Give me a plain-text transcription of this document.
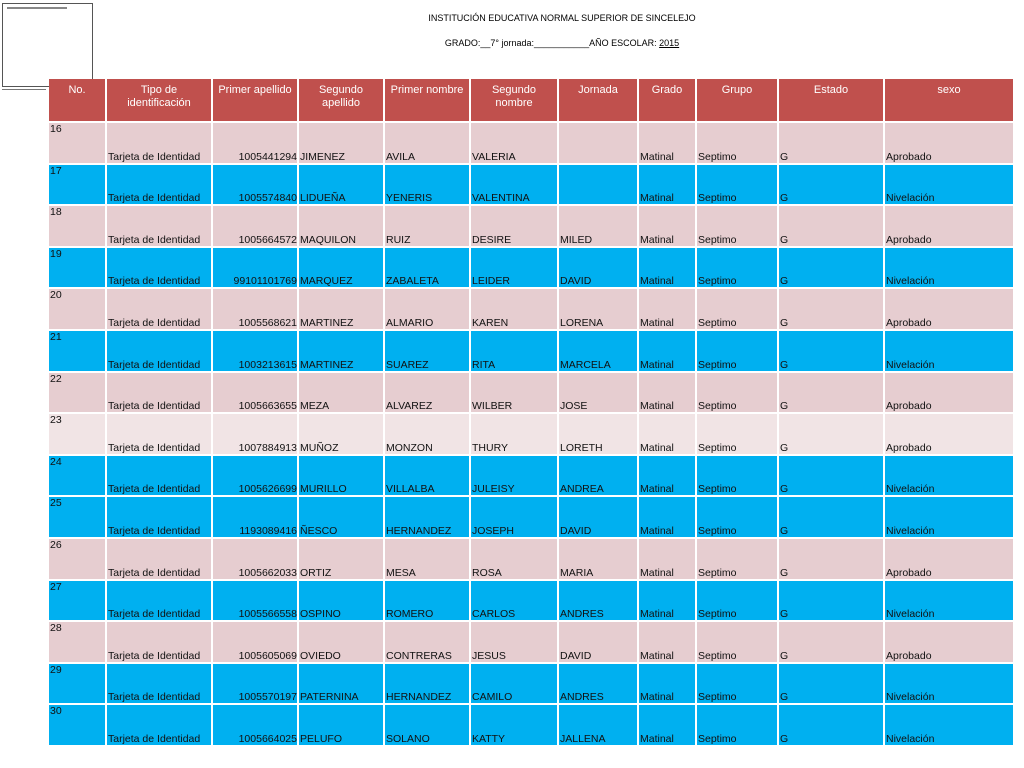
INSTITUCIÓN EDUCATIVA NORMAL SUPERIOR DE SINCELEJO
GRADO:__7° jornada:___________AÑO ESCOLAR: 2015
No.	Tipo de identificación	Primer apellido	Segundo apellido	Primer nombre	Segundo nombre	Jornada	Grado	Grupo	Estado	sexo
16	Tarjeta de Identidad	1005441294	JIMENEZ	AVILA	VALERIA		Matinal	Septimo	G	Aprobado
17	Tarjeta de Identidad	1005574840	LIDUEÑA	YENERIS	VALENTINA		Matinal	Septimo	G	Nivelación
18	Tarjeta de Identidad	1005664572	MAQUILON	RUIZ	DESIRE	MILED	Matinal	Septimo	G	Aprobado
19	Tarjeta de Identidad	99101101769	MARQUEZ	ZABALETA	LEIDER	DAVID	Matinal	Septimo	G	Nivelación
20	Tarjeta de Identidad	1005568621	MARTINEZ	ALMARIO	KAREN	LORENA	Matinal	Septimo	G	Aprobado
21	Tarjeta de Identidad	1003213615	MARTINEZ	SUAREZ	RITA	MARCELA	Matinal	Septimo	G	Nivelación
22	Tarjeta de Identidad	1005663655	MEZA	ALVAREZ	WILBER	JOSE	Matinal	Septimo	G	Aprobado
23	Tarjeta de Identidad	1007884913	MUÑOZ	MONZON	THURY	LORETH	Matinal	Septimo	G	Aprobado
24	Tarjeta de Identidad	1005626699	MURILLO	VILLALBA	JULEISY	ANDREA	Matinal	Septimo	G	Nivelación
25	Tarjeta de Identidad	1193089416	ÑESCO	HERNANDEZ	JOSEPH	DAVID	Matinal	Septimo	G	Nivelación
26	Tarjeta de Identidad	1005662033	ORTIZ	MESA	ROSA	MARIA	Matinal	Septimo	G	Aprobado
27	Tarjeta de Identidad	1005566558	OSPINO	ROMERO	CARLOS	ANDRES	Matinal	Septimo	G	Nivelación
28	Tarjeta de Identidad	1005605069	OVIEDO	CONTRERAS	JESUS	DAVID	Matinal	Septimo	G	Aprobado
29	Tarjeta de Identidad	1005570197	PATERNINA	HERNANDEZ	CAMILO	ANDRES	Matinal	Septimo	G	Nivelación
30	Tarjeta de Identidad	1005664025	PELUFO	SOLANO	KATTY	JALLENA	Matinal	Septimo	G	Nivelación
